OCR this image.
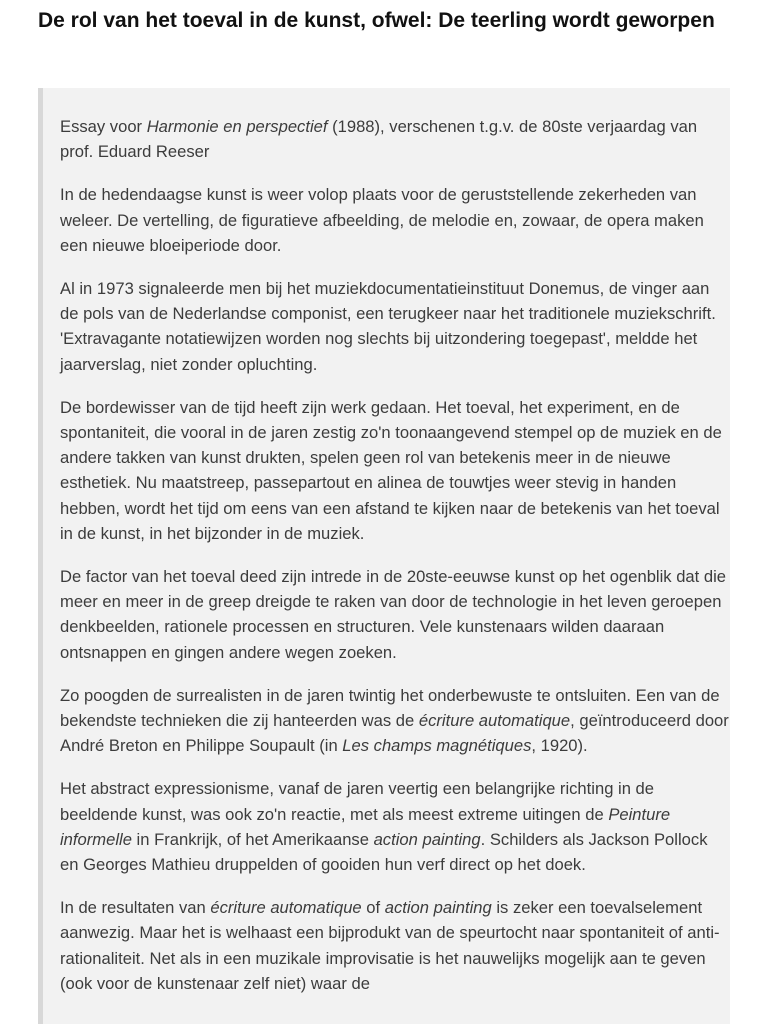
De rol van het toeval in de kunst, ofwel: De teerling wordt geworpen

Essay voor Harmonie en perspectief (1988), verschenen t.g.v. de 80ste verjaardag van prof. Eduard Reeser

In de hedendaagse kunst is weer volop plaats voor de geruststellende zekerheden van weleer. De vertelling, de figuratieve afbeelding, de melodie en, zowaar, de opera maken een nieuwe bloeiperiode door.

Al in 1973 signaleerde men bij het muziekdocumentatieinstituut Donemus, de vinger aan de pols van de Nederlandse componist, een terugkeer naar het traditionele muziekschrift. 'Extravagante notatiewijzen worden nog slechts bij uitzondering toegepast', meldde het jaarverslag, niet zonder opluchting.

De bordewisser van de tijd heeft zijn werk gedaan. Het toeval, het experiment, en de spontaniteit, die vooral in de jaren zestig zo'n toonaangevend stempel op de muziek en de andere takken van kunst drukten, spelen geen rol van betekenis meer in de nieuwe esthetiek. Nu maatstreep, passepartout en alinea de touwtjes weer stevig in handen hebben, wordt het tijd om eens van een afstand te kijken naar de betekenis van het toeval in de kunst, in het bijzonder in de muziek.

De factor van het toeval deed zijn intrede in de 20ste-eeuwse kunst op het ogenblik dat die meer en meer in de greep dreigde te raken van door de technologie in het leven geroepen denkbeelden, rationele processen en structuren. Vele kunstenaars wilden daaraan ontsnappen en gingen andere wegen zoeken.

Zo poogden de surrealisten in de jaren twintig het onderbewuste te ontsluiten. Een van de bekendste technieken die zij hanteerden was de écriture automatique, geïntroduceerd door André Breton en Philippe Soupault (in Les champs magnétiques, 1920).

Het abstract expressionisme, vanaf de jaren veertig een belangrijke richting in de beeldende kunst, was ook zo'n reactie, met als meest extreme uitingen de Peinture informelle in Frankrijk, of het Amerikaanse action painting. Schilders als Jackson Pollock en Georges Mathieu druppelden of gooiden hun verf direct op het doek.

In de resultaten van écriture automatique of action painting is zeker een toevalselement aanwezig. Maar het is welhaast een bijprodukt van de speurtocht naar spontaniteit of anti-rationaliteit. Net als in een muzikale improvisatie is het nauwelijks mogelijk aan te geven (ook voor de kunstenaar zelf niet) waar de
